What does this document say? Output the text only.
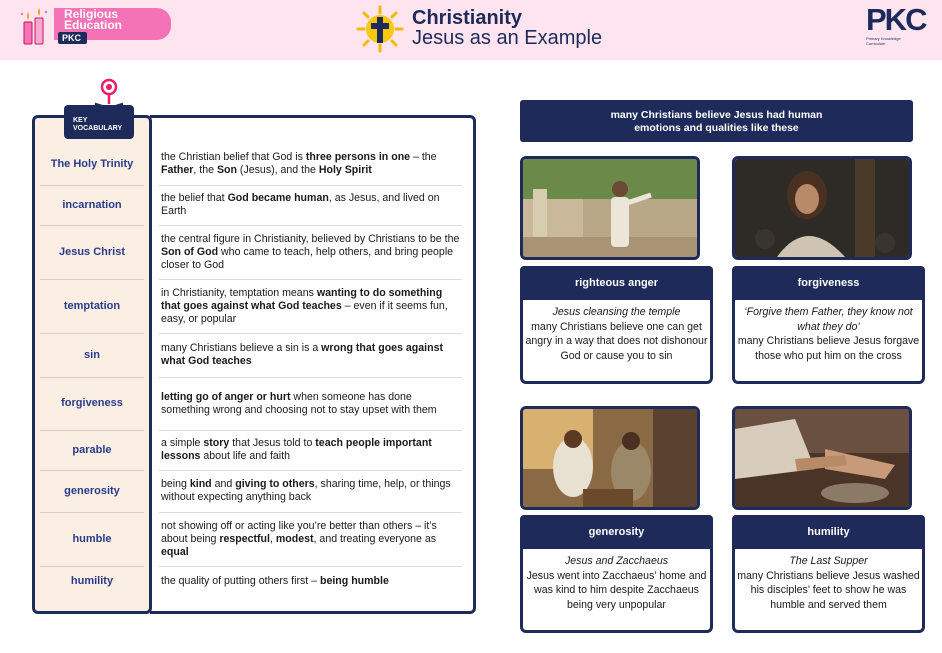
Religious
Education
PKC
Christianity
Jesus as an Example
PKC
Primary Knowledge
Curriculum
KEY
VOCABULARY
The Holy Trinity
the Christian belief that God is three persons in one – the Father, the Son (Jesus), and the Holy Spirit
incarnation
the belief that God became human, as Jesus, and lived on Earth
Jesus Christ
the central figure in Christianity, believed by Christians to be the Son of God who came to teach, help others, and bring people closer to God
temptation
in Christianity, temptation means wanting to do something that goes against what God teaches – even if it seems fun, easy, or popular
sin
many Christians believe a sin is a wrong that goes against what God teaches
forgiveness
letting go of anger or hurt when someone has done something wrong and choosing not to stay upset with them
parable
a simple story that Jesus told to teach people important lessons about life and faith
generosity
being kind and giving to others, sharing time, help, or things without expecting anything back
humble
not showing off or acting like you’re better than others – it’s about being respectful, modest, and treating everyone as equal
humility	the quality of putting others first – being humble
many Christians believe Jesus had human
emotions and qualities like these
righteous anger
Jesus cleansing the temple
many Christians believe one can get angry in a way that does not dishonour God or cause you to sin
forgiveness
‘Forgive them Father, they know not what they do’
many Christians believe Jesus forgave those who put him on the cross
generosity
Jesus and Zacchaeus
Jesus went into Zacchaeus’ home and was kind to him despite Zacchaeus being very unpopular
humility
The Last Supper
many Christians believe Jesus washed his disciples’ feet to show he was humble and served them
